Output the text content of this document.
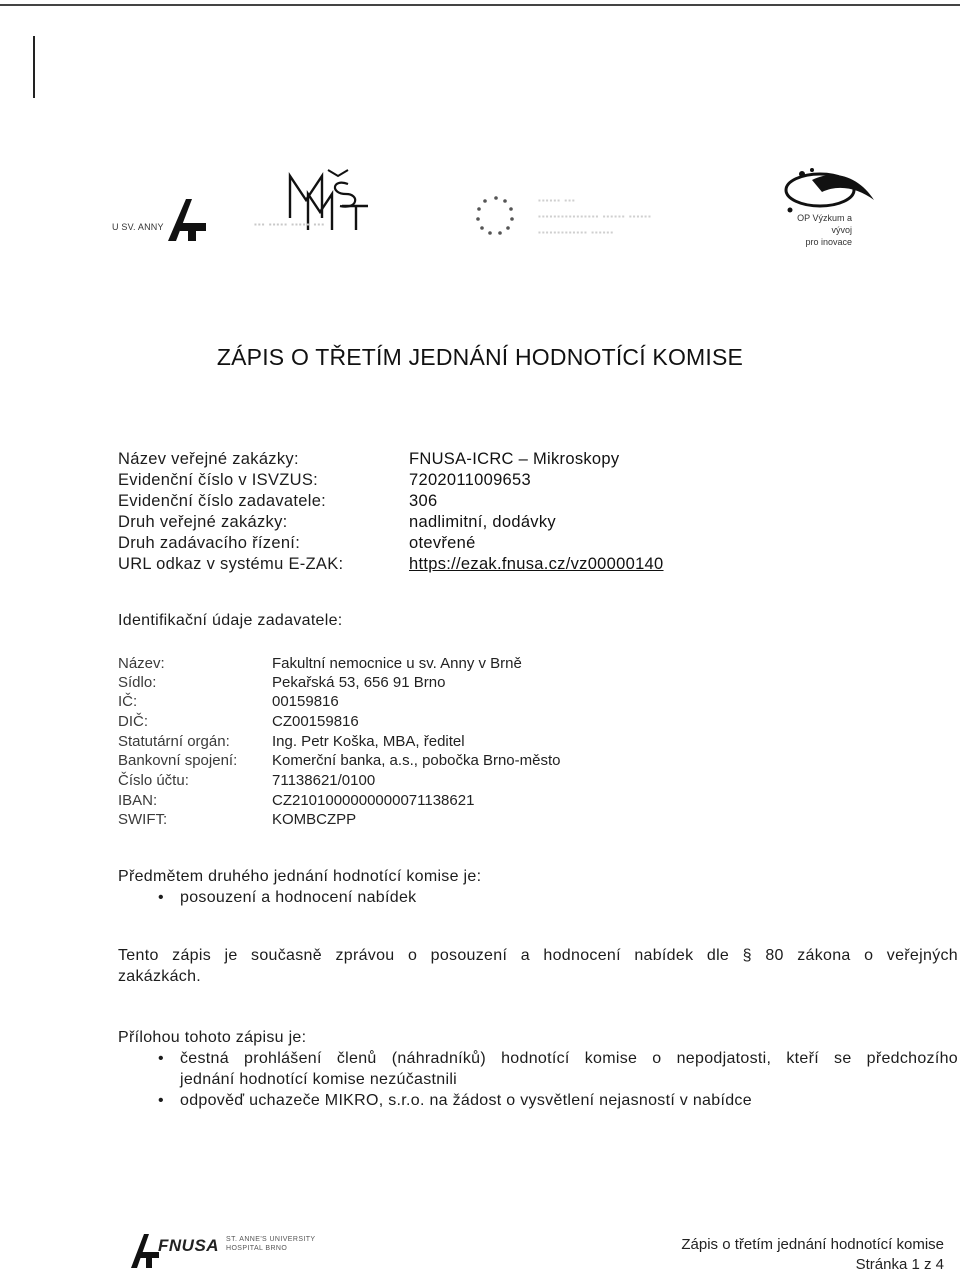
U SV. ANNY	▪▪▪ ▪▪▪▪▪ ▪▪▪▪▪ ▪▪▪
▪▪▪▪▪▪ ▪▪▪
▪▪▪▪▪▪▪▪▪▪▪▪▪▪▪▪ ▪▪▪▪▪▪ ▪▪▪▪▪▪
▪▪▪▪▪▪▪▪▪▪▪▪▪ ▪▪▪▪▪▪
OP Výzkum a vývoj
pro inovace
ZÁPIS O TŘETÍM JEDNÁNÍ HODNOTÍCÍ KOMISE
Název veřejné zakázky:	FNUSA-ICRC – Mikroskopy
Evidenční číslo v ISVZUS:	7202011009653
Evidenční číslo zadavatele:	306
Druh veřejné zakázky:	nadlimitní, dodávky
Druh zadávacího řízení:	otevřené
URL odkaz v systému E-ZAK:	https://ezak.fnusa.cz/vz00000140
Identifikační údaje zadavatele:
Název:	Fakultní nemocnice u sv. Anny v Brně
Sídlo:	Pekařská 53, 656 91 Brno
IČ:	00159816
DIČ:	CZ00159816
Statutární orgán:	Ing. Petr Koška, MBA, ředitel
Bankovní spojení: Komerční banka, a.s., pobočka Brno-město
Číslo účtu:	71138621/0100
IBAN:	CZ2101000000000071138621
SWIFT:	KOMBCZPP
Předmětem druhého jednání hodnotící komise je:
• posouzení a hodnocení nabídek
Tento zápis je současně zprávou o posouzení a hodnocení nabídek dle § 80 zákona o veřejných
zakázkách.
Přílohou tohoto zápisu je:
• čestná prohlášení členů (náhradníků) hodnotící komise o nepodjatosti, kteří se předchozího
jednání hodnotící komise nezúčastnili
• odpověď uchazeče MIKRO, s.r.o. na žádost o vysvětlení nejasností v nabídce
FNUSA ST. ANNE'S UNIVERSITY
HOSPITAL BRNO	Zápis o třetím jednání hodnotící komise
Stránka 1 z 4
